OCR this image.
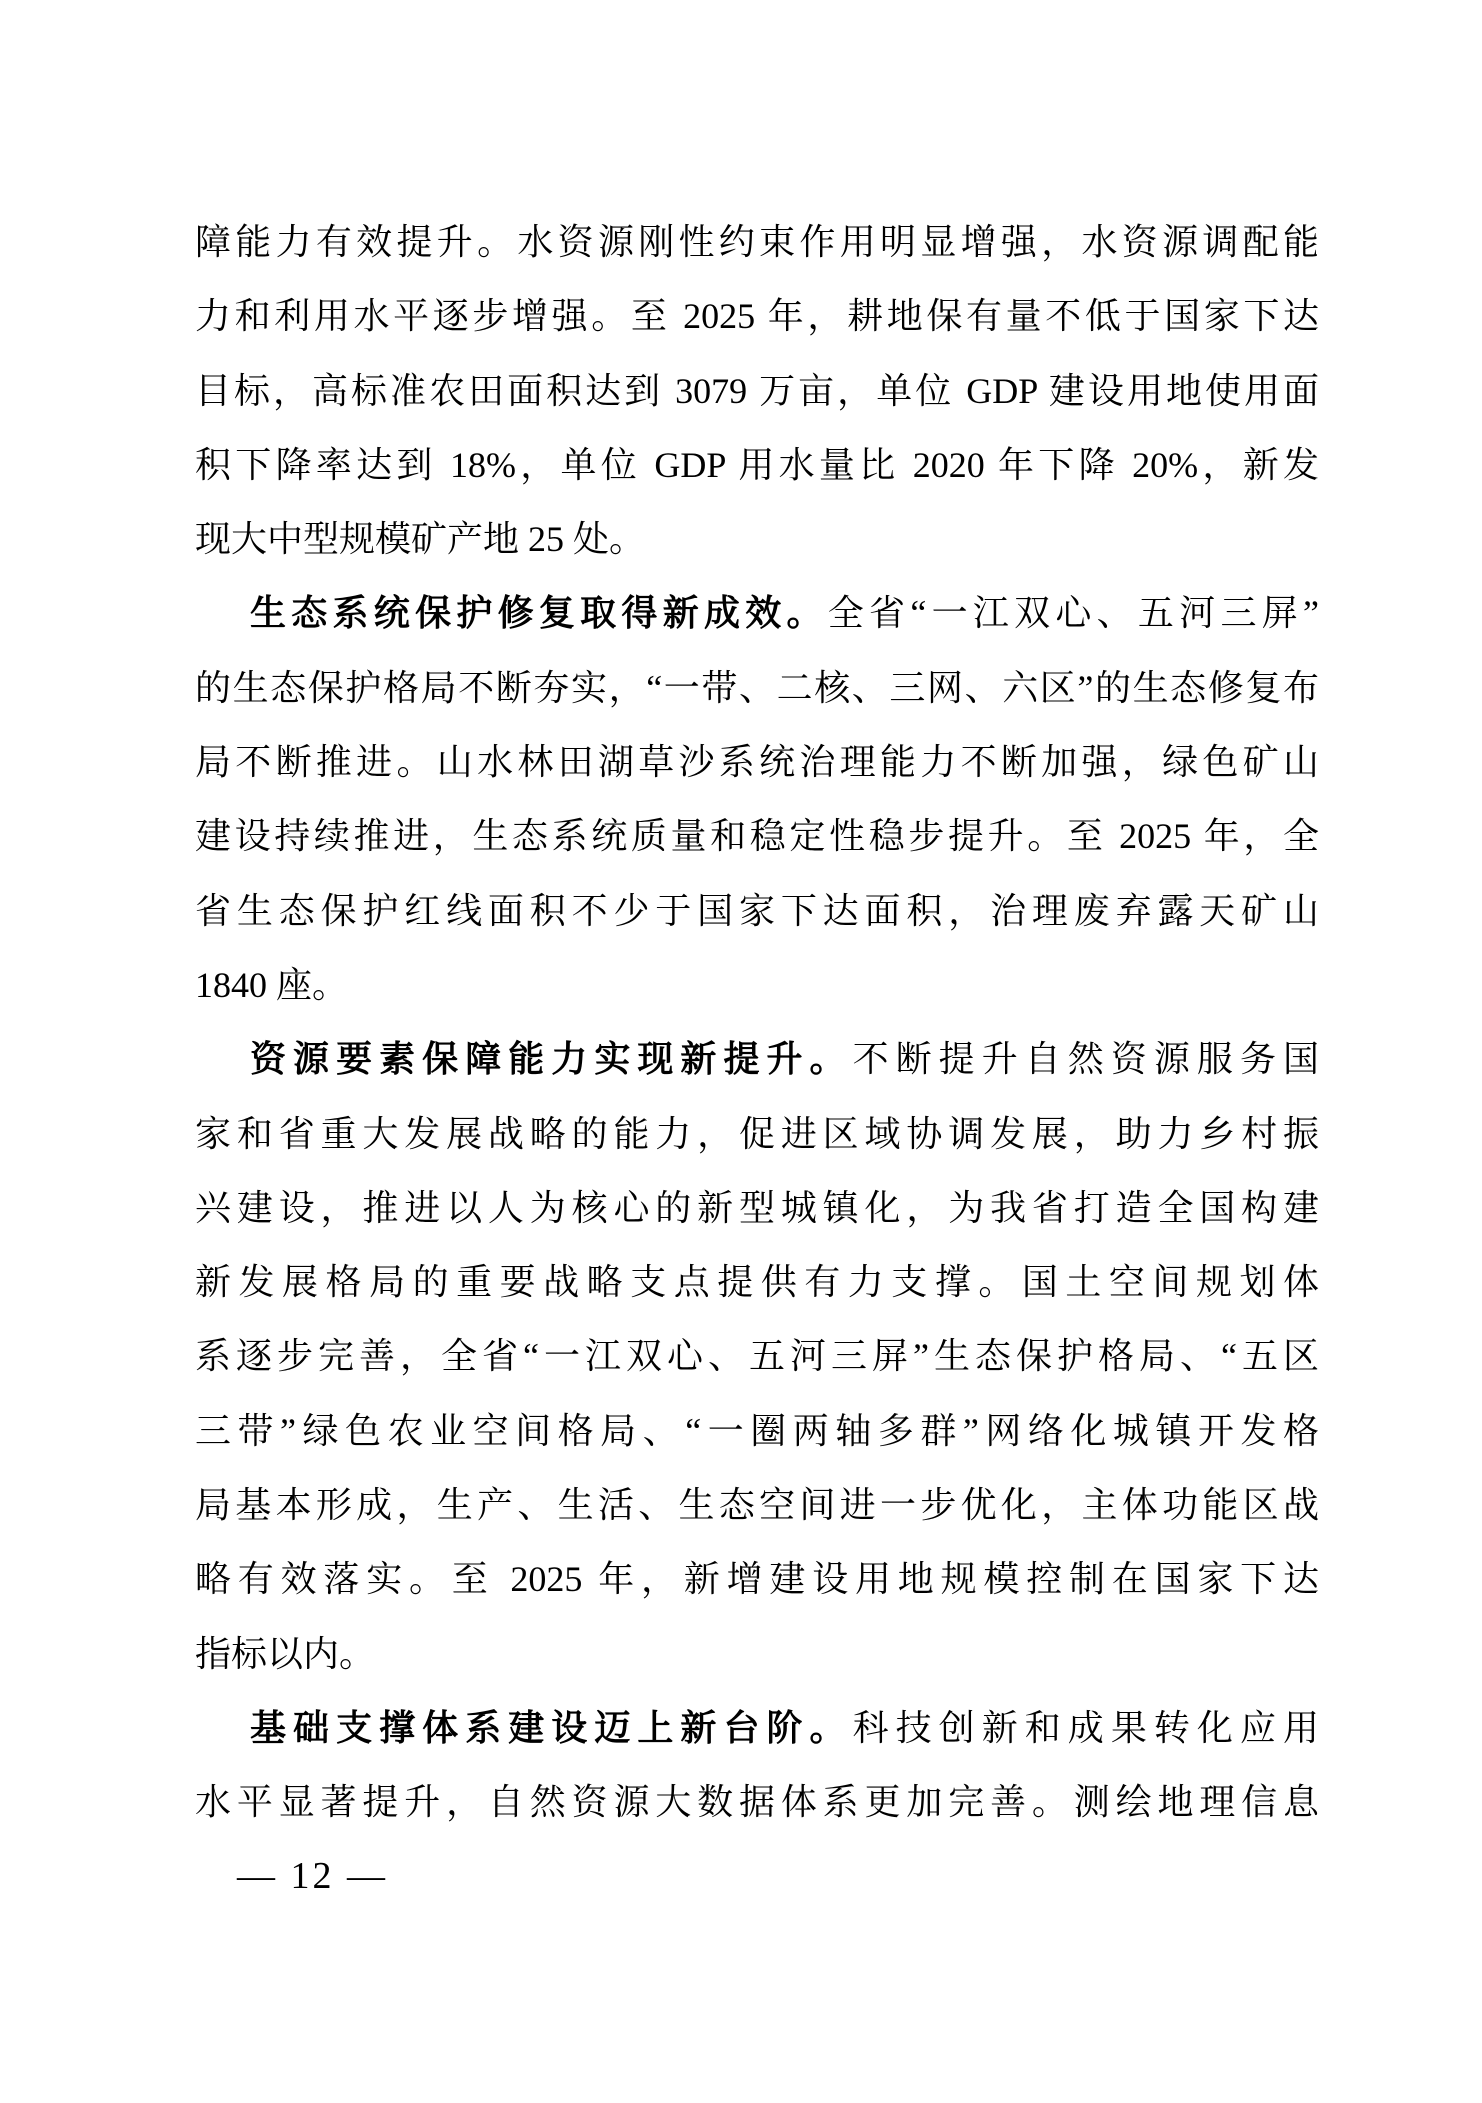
障能力有效提升。水资源刚性约束作用明显增强，水资源调配能
力和利用水平逐步增强。至 2025 年，耕地保有量不低于国家下达
目标，高标准农田面积达到 3079 万亩，单位 GDP 建设用地使用面
积下降率达到 18%，单位 GDP 用水量比 2020 年下降 20%，新发
现大中型规模矿产地 25 处。
生态系统保护修复取得新成效。全省“一江双心、五河三屏”
的生态保护格局不断夯实，“一带、二核、三网、六区”的生态修复布
局不断推进。山水林田湖草沙系统治理能力不断加强，绿色矿山
建设持续推进，生态系统质量和稳定性稳步提升。至 2025 年，全
省生态保护红线面积不少于国家下达面积，治理废弃露天矿山
1840 座。
资源要素保障能力实现新提升。不断提升自然资源服务国
家和省重大发展战略的能力，促进区域协调发展，助力乡村振
兴建设，推进以人为核心的新型城镇化，为我省打造全国构建
新发展格局的重要战略支点提供有力支撑。国土空间规划体
系逐步完善，全省“一江双心、五河三屏”生态保护格局、“五区
三带”绿色农业空间格局、“一圈两轴多群”网络化城镇开发格
局基本形成，生产、生活、生态空间进一步优化，主体功能区战
略有效落实。至 2025 年，新增建设用地规模控制在国家下达
指标以内。
基础支撑体系建设迈上新台阶。科技创新和成果转化应用
水平显著提升，自然资源大数据体系更加完善。测绘地理信息
— 12 —
